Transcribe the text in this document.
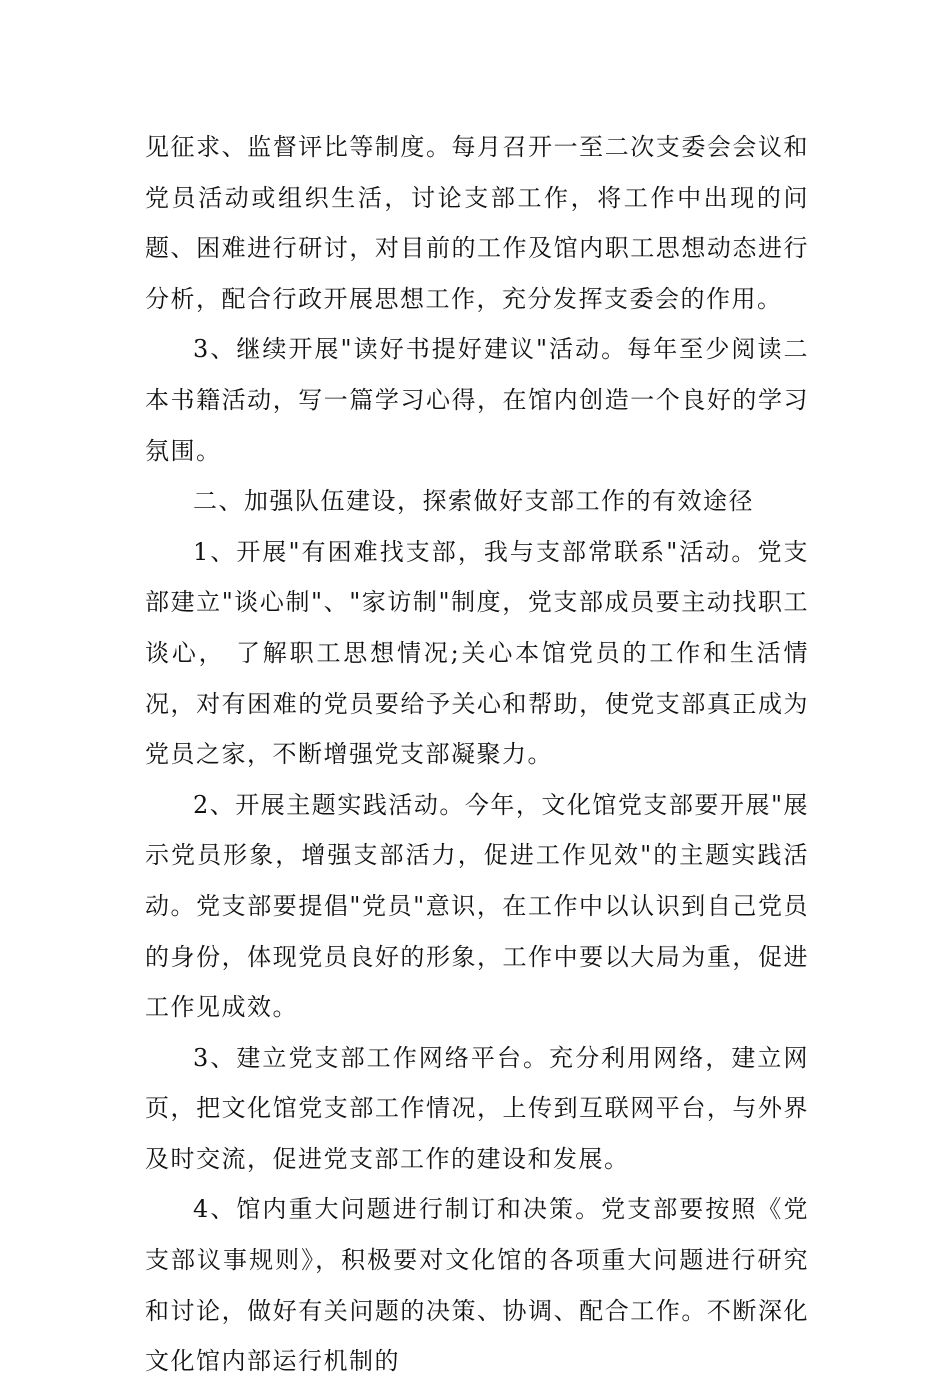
见征求、监督评比等制度。每月召开一至二次支委会会议和党员活动或组织生活，讨论支部工作，将工作中出现的问题、困难进行研讨，对目前的工作及馆内职工思想动态进行分析，配合行政开展思想工作，充分发挥支委会的作用。

3、继续开展"读好书提好建议"活动。每年至少阅读二本书籍活动，写一篇学习心得，在馆内创造一个良好的学习氛围。

二、加强队伍建设，探索做好支部工作的有效途径

1、开展"有困难找支部，我与支部常联系"活动。党支部建立"谈心制"、"家访制"制度，党支部成员要主动找职工谈心， 了解职工思想情况;关心本馆党员的工作和生活情况，对有困难的党员要给予关心和帮助，使党支部真正成为党员之家，不断增强党支部凝聚力。

2、开展主题实践活动。今年，文化馆党支部要开展"展示党员形象，增强支部活力，促进工作见效"的主题实践活动。党支部要提倡"党员"意识，在工作中以认识到自己党员的身份，体现党员良好的形象，工作中要以大局为重，促进工作见成效。

3、建立党支部工作网络平台。充分利用网络，建立网页，把文化馆党支部工作情况，上传到互联网平台，与外界及时交流，促进党支部工作的建设和发展。

4、馆内重大问题进行制订和决策。党支部要按照《党支部议事规则》，积极要对文化馆的各项重大问题进行研究和讨论，做好有关问题的决策、协调、配合工作。不断深化文化馆内部运行机制的
